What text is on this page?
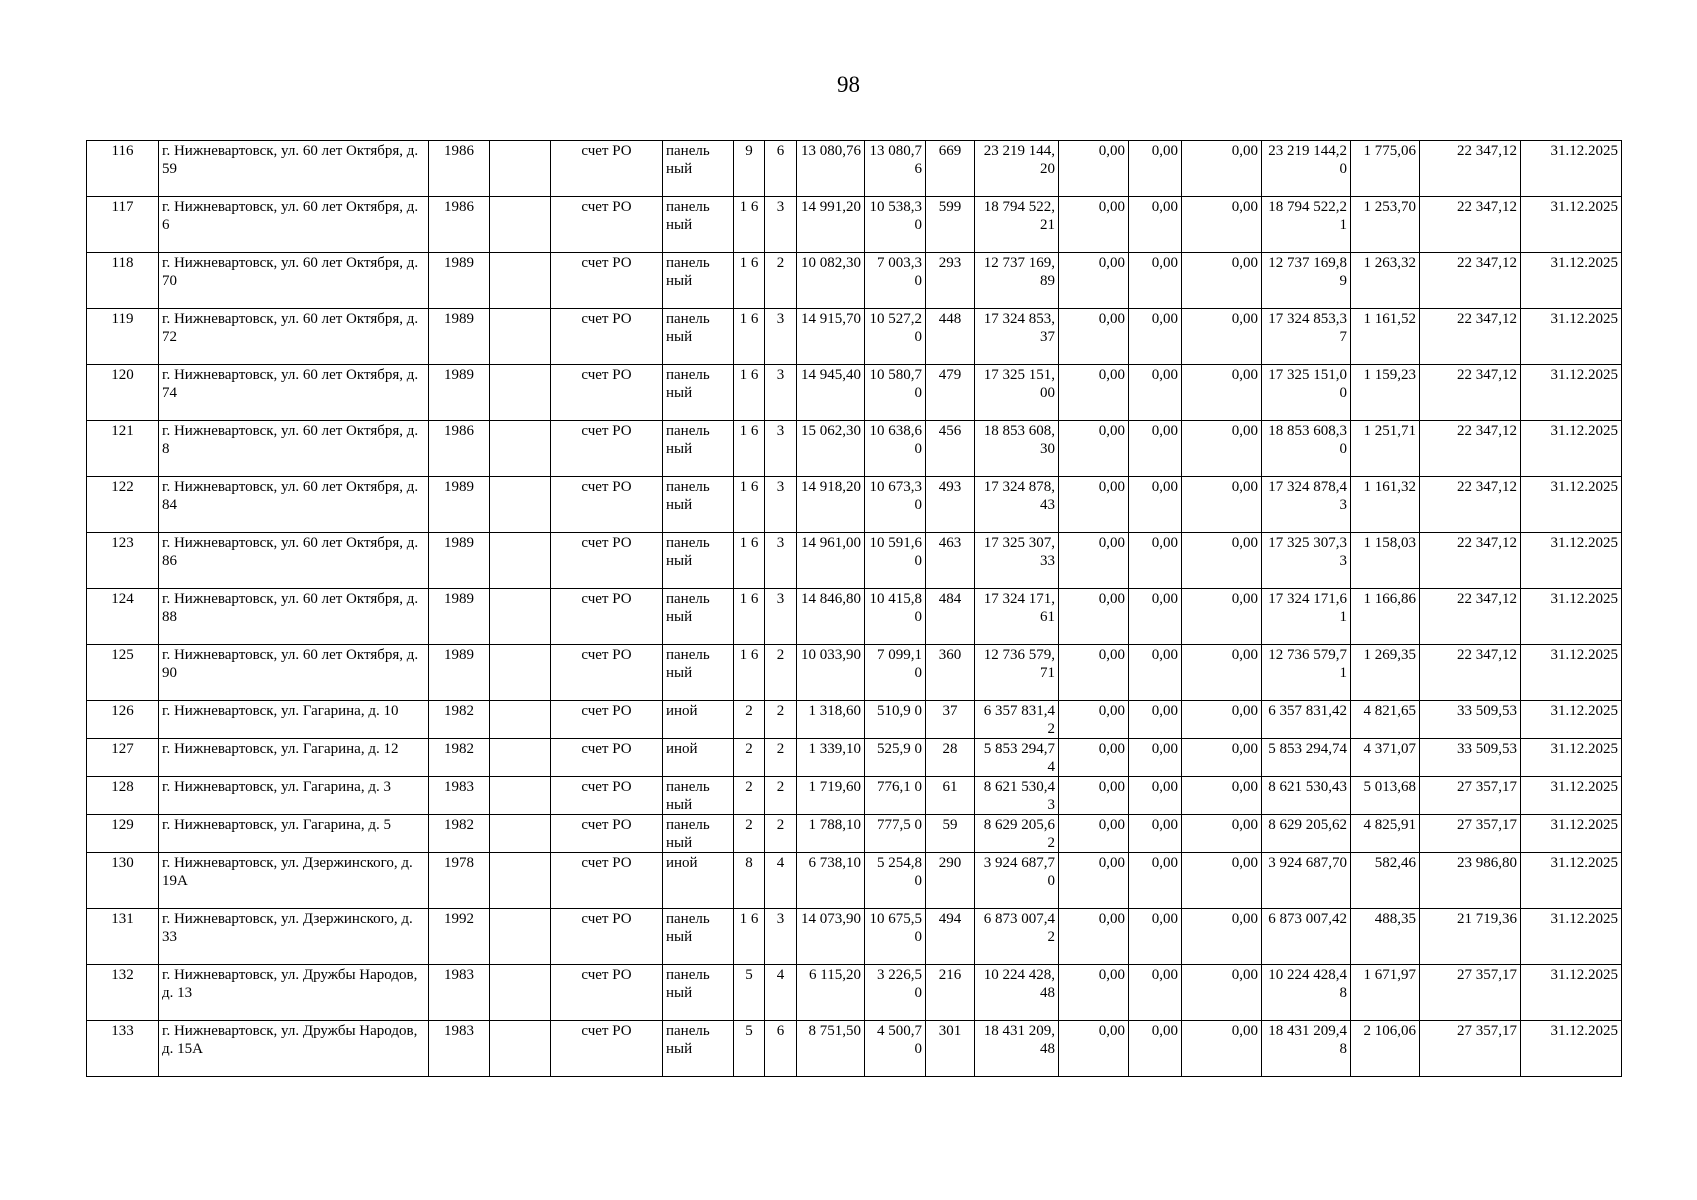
98
116	г. Нижневартовск, ул. 60 лет Октября, д. 59	1986		счет РО	панель ный	9	6	13 080,76	13 080,7 6	669	23 219 144,20	0,00	0,00	0,00	23 219 144,20	1 775,06	22 347,12	31.12.2025
117	г. Нижневартовск, ул. 60 лет Октября, д. 6	1986		счет РО	панель ный	1 6	3	14 991,20	10 538,3 0	599	18 794 522,21	0,00	0,00	0,00	18 794 522,21	1 253,70	22 347,12	31.12.2025
118	г. Нижневартовск, ул. 60 лет Октября, д. 70	1989		счет РО	панель ный	1 6	2	10 082,30	7 003,3 0	293	12 737 169,89	0,00	0,00	0,00	12 737 169,89	1 263,32	22 347,12	31.12.2025
119	г. Нижневартовск, ул. 60 лет Октября, д. 72	1989		счет РО	панель ный	1 6	3	14 915,70	10 527,2 0	448	17 324 853,37	0,00	0,00	0,00	17 324 853,37	1 161,52	22 347,12	31.12.2025
120	г. Нижневартовск, ул. 60 лет Октября, д. 74	1989		счет РО	панель ный	1 6	3	14 945,40	10 580,7 0	479	17 325 151,00	0,00	0,00	0,00	17 325 151,00	1 159,23	22 347,12	31.12.2025
121	г. Нижневартовск, ул. 60 лет Октября, д. 8	1986		счет РО	панель ный	1 6	3	15 062,30	10 638,6 0	456	18 853 608,30	0,00	0,00	0,00	18 853 608,30	1 251,71	22 347,12	31.12.2025
122	г. Нижневартовск, ул. 60 лет Октября, д. 84	1989		счет РО	панель ный	1 6	3	14 918,20	10 673,3 0	493	17 324 878,43	0,00	0,00	0,00	17 324 878,43	1 161,32	22 347,12	31.12.2025
123	г. Нижневартовск, ул. 60 лет Октября, д. 86	1989		счет РО	панель ный	1 6	3	14 961,00	10 591,6 0	463	17 325 307,33	0,00	0,00	0,00	17 325 307,33	1 158,03	22 347,12	31.12.2025
124	г. Нижневартовск, ул. 60 лет Октября, д. 88	1989		счет РО	панель ный	1 6	3	14 846,80	10 415,8 0	484	17 324 171,61	0,00	0,00	0,00	17 324 171,61	1 166,86	22 347,12	31.12.2025
125	г. Нижневартовск, ул. 60 лет Октября, д. 90	1989		счет РО	панель ный	1 6	2	10 033,90	7 099,1 0	360	12 736 579,71	0,00	0,00	0,00	12 736 579,71	1 269,35	22 347,12	31.12.2025
126	г. Нижневартовск, ул. Гагарина, д. 10	1982		счет РО	иной	2	2	1 318,60	510,9 0	37	6 357 831,42	0,00	0,00	0,00	6 357 831,42	4 821,65	33 509,53	31.12.2025
127	г. Нижневартовск, ул. Гагарина, д. 12	1982		счет РО	иной	2	2	1 339,10	525,9 0	28	5 853 294,74	0,00	0,00	0,00	5 853 294,74	4 371,07	33 509,53	31.12.2025
128	г. Нижневартовск, ул. Гагарина, д. 3	1983		счет РО	панель ный	2	2	1 719,60	776,1 0	61	8 621 530,43	0,00	0,00	0,00	8 621 530,43	5 013,68	27 357,17	31.12.2025
129	г. Нижневартовск, ул. Гагарина, д. 5	1982		счет РО	панель ный	2	2	1 788,10	777,5 0	59	8 629 205,62	0,00	0,00	0,00	8 629 205,62	4 825,91	27 357,17	31.12.2025
130	г. Нижневартовск, ул. Дзержинского, д. 19А	1978		счет РО	иной	8	4	6 738,10	5 254,8 0	290	3 924 687,70	0,00	0,00	0,00	3 924 687,70	582,46	23 986,80	31.12.2025
131	г. Нижневартовск, ул. Дзержинского, д. 33	1992		счет РО	панель ный	1 6	3	14 073,90	10 675,5 0	494	6 873 007,42	0,00	0,00	0,00	6 873 007,42	488,35	21 719,36	31.12.2025
132	г. Нижневартовск, ул. Дружбы Народов, д. 13	1983		счет РО	панель ный	5	4	6 115,20	3 226,5 0	216	10 224 428,48	0,00	0,00	0,00	10 224 428,48	1 671,97	27 357,17	31.12.2025
133	г. Нижневартовск, ул. Дружбы Народов, д. 15А	1983		счет РО	панель ный	5	6	8 751,50	4 500,7 0	301	18 431 209,48	0,00	0,00	0,00	18 431 209,48	2 106,06	27 357,17	31.12.2025
